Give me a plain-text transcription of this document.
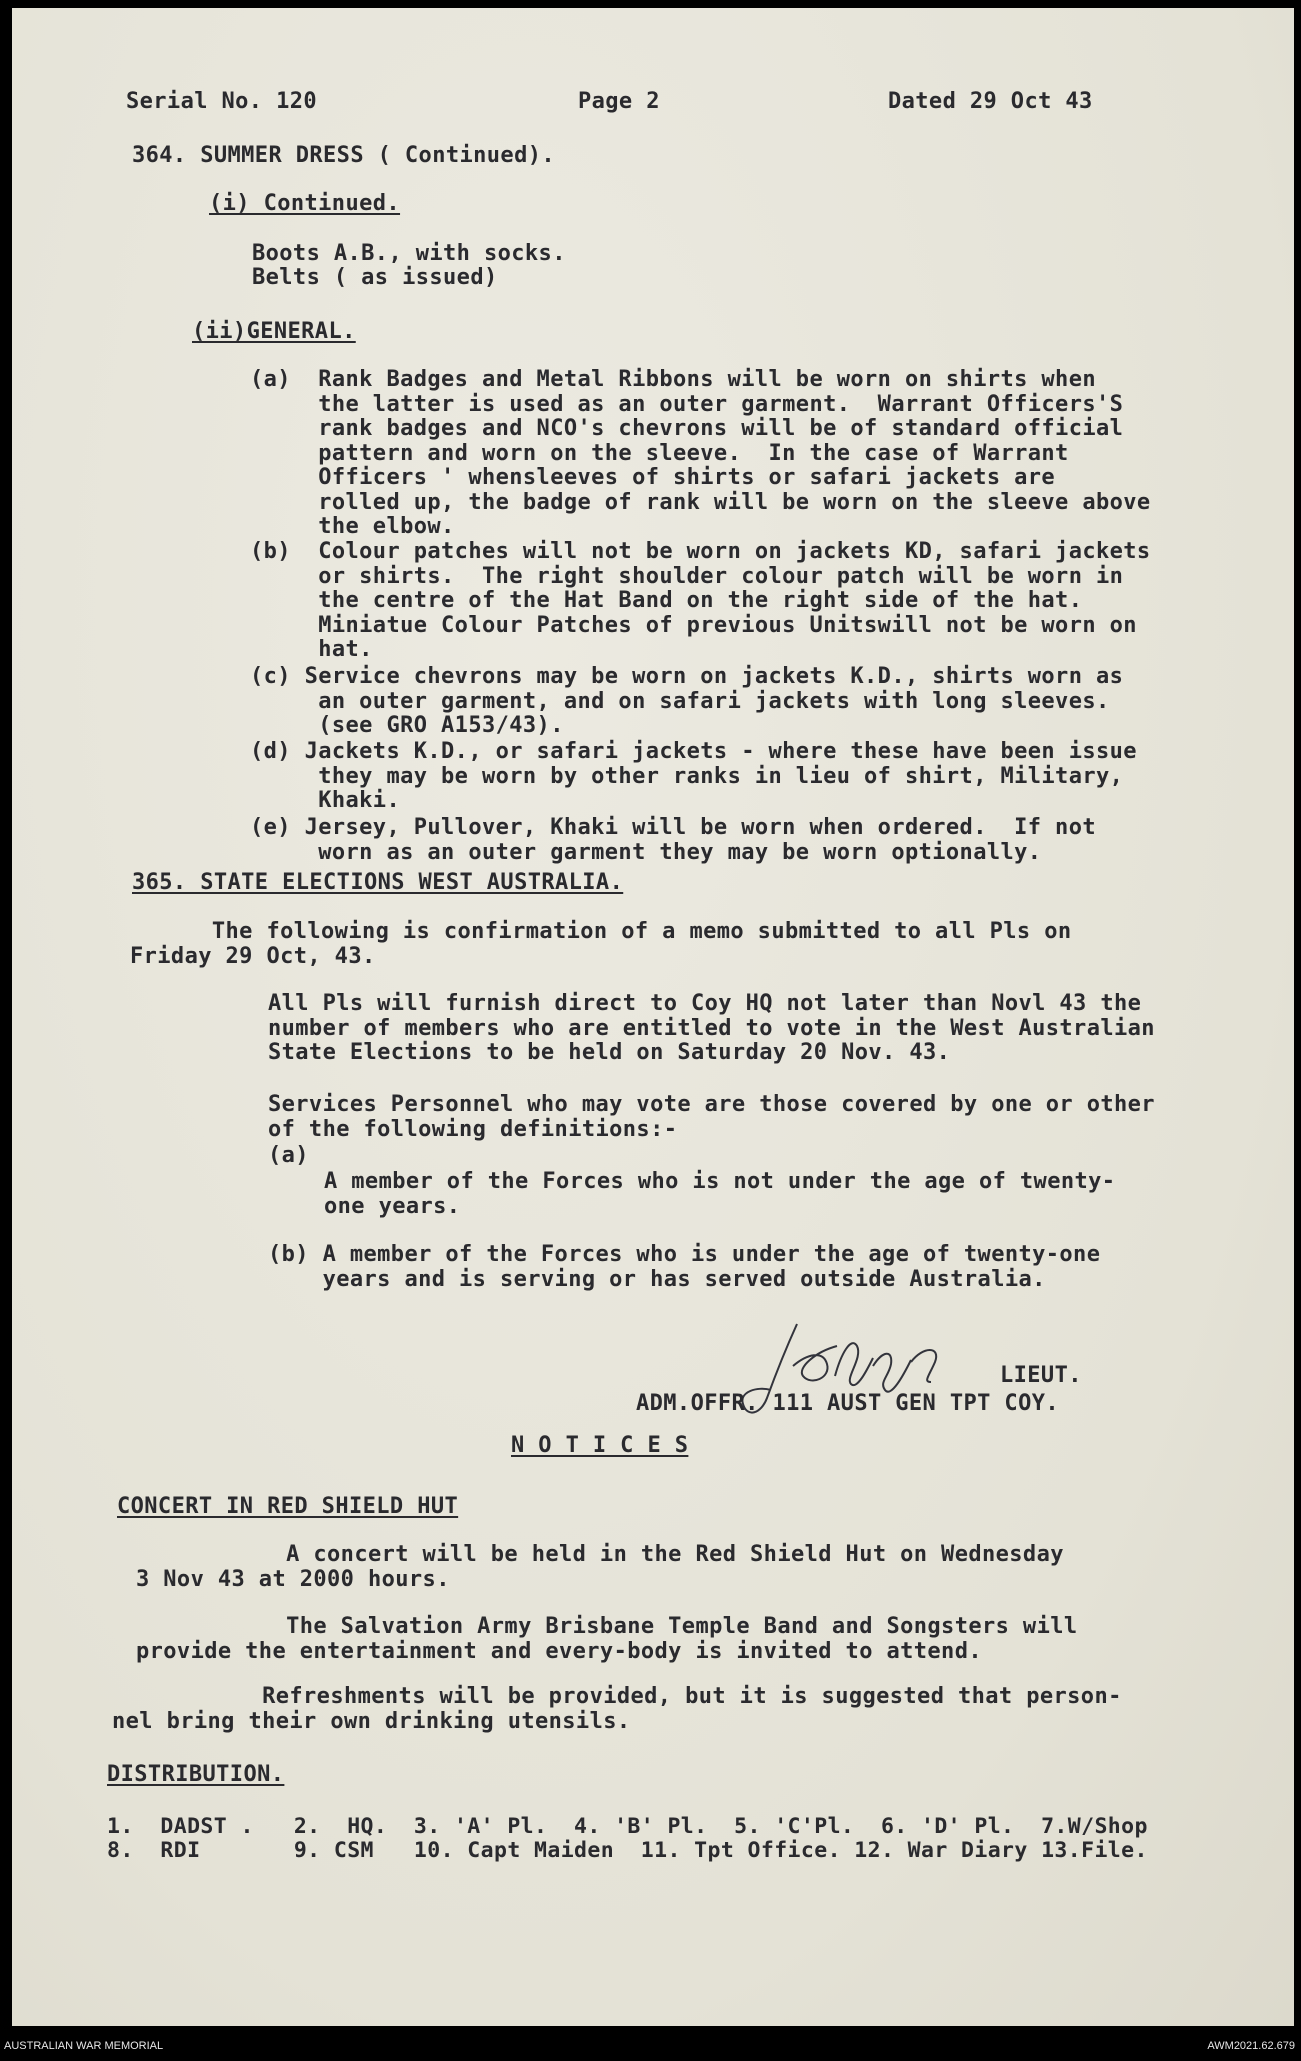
Serial No. 120	Page 2	Dated 29 Oct 43
364. SUMMER DRESS ( Continued).
(i) Continued.
Boots A.B., with socks.
Belts ( as issued)
(ii)GENERAL.
(a)  Rank Badges and Metal Ribbons will be worn on shirts when
the latter is used as an outer garment.  Warrant Officers'S
rank badges and NCO's chevrons will be of standard official
pattern and worn on the sleeve.  In the case of Warrant
Officers ' whensleeves of shirts or safari jackets are
rolled up, the badge of rank will be worn on the sleeve above
the elbow.
(b)  Colour patches will not be worn on jackets KD, safari jackets
or shirts.  The right shoulder colour patch will be worn in
the centre of the Hat Band on the right side of the hat.
Miniatue Colour Patches of previous Unitswill not be worn on
hat.
(c) Service chevrons may be worn on jackets K.D., shirts worn as
an outer garment, and on safari jackets with long sleeves.
(see GRO A153/43).
(d) Jackets K.D., or safari jackets - where these have been issue
they may be worn by other ranks in lieu of shirt, Military,
Khaki.
(e) Jersey, Pullover, Khaki will be worn when ordered.  If not
worn as an outer garment they may be worn optionally.
365. STATE ELECTIONS WEST AUSTRALIA.
The following is confirmation of a memo submitted to all Pls on
Friday 29 Oct, 43.
All Pls will furnish direct to Coy HQ not later than Novl 43 the
number of members who are entitled to vote in the West Australian
State Elections to be held on Saturday 20 Nov. 43.
Services Personnel who may vote are those covered by one or other
of the following definitions:-
(a)
A member of the Forces who is not under the age of twenty-
one years.
(b) A member of the Forces who is under the age of twenty-one
years and is serving or has served outside Australia.
LIEUT.
ADM.OFFR. 111 AUST GEN TPT COY.
N O T I C E S
CONCERT IN RED SHIELD HUT
A concert will be held in the Red Shield Hut on Wednesday
3 Nov 43 at 2000 hours.
The Salvation Army Brisbane Temple Band and Songsters will
provide the entertainment and every-body is invited to attend.
Refreshments will be provided, but it is suggested that person-
nel bring their own drinking utensils.
DISTRIBUTION.
1.  DADST .   2.  HQ.  3. 'A' Pl.  4. 'B' Pl.  5. 'C'Pl.  6. 'D' Pl.  7.W/Shop
8.  RDI       9. CSM   10. Capt Maiden  11. Tpt Office. 12. War Diary 13.File.
AUSTRALIAN WAR MEMORIAL	AWM2021.62.679
